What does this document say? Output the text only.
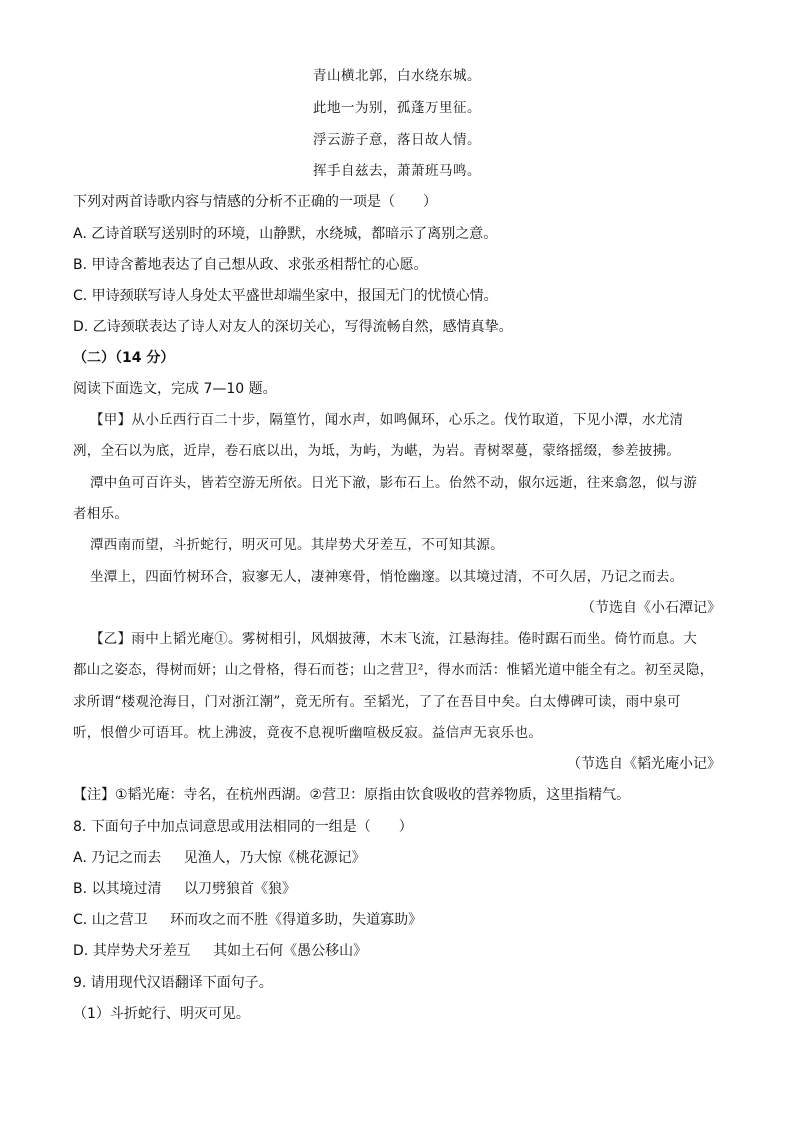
青山横北郭，白水绕东城。
此地一为别，孤蓬万里征。
浮云游子意，落日故人情。
挥手自兹去，萧萧班马鸣。
下列对两首诗歌内容与情感的分析不正确的一项是（　　）
A. 乙诗首联写送别时的环境，山静默，水绕城，都暗示了离别之意。
B. 甲诗含蓄地表达了自己想从政、求张丞相帮忙的心愿。
C. 甲诗颈联写诗人身处太平盛世却端坐家中，报国无门的忧愤心情。
D. 乙诗颈联表达了诗人对友人的深切关心，写得流畅自然，感情真挚。
（二）（14 分）
阅读下面选文，完成 7—10 题。
【甲】从小丘西行百二十步，隔篁竹，闻水声，如鸣佩环，心乐之。伐竹取道，下见小潭，水尤清
冽，全石以为底，近岸，卷石底以出，为坻，为屿，为嵁，为岩。青树翠蔓，蒙络摇缀，参差披拂。
潭中鱼可百许头，皆若空游无所依。日光下澈，影布石上。佁然不动，俶尔远逝，往来翕忽，似与游
者相乐。
潭西南而望，斗折蛇行，明灭可见。其岸势犬牙差互，不可知其源。
坐潭上，四面竹树环合，寂寥无人，凄神寒骨，悄怆幽邃。以其境过清，不可久居，乃记之而去。
（节选自《小石潭记》
【乙】雨中上韬光庵①。雾树相引，风烟披薄，木末飞流，江悬海挂。倦时踞石而坐。倚竹而息。大
都山之姿态，得树而妍；山之骨格，得石而苍；山之营卫²，得水而活：惟韬光道中能全有之。初至灵隐，
求所谓“楼观沧海日，门对浙江潮”，竟无所有。至韬光，了了在吾目中矣。白太傅碑可读，雨中泉可
听，恨僧少可语耳。枕上沸波，竟夜不息视听幽喧极反寂。益信声无哀乐也。
（节选自《韬光庵小记》
【注】①韬光庵：寺名，在杭州西湖。②营卫：原指由饮食吸收的营养物质，这里指精气。
8. 下面句子中加点词意思或用法相同的一组是（　　）
A. 乃记之而去 见渔人，乃大惊《桃花源记》
B. 以其境过清 以刀劈狼首《狼》
C. 山之营卫 环而攻之而不胜《得道多助，失道寡助》
D. 其岸势犬牙差互 其如土石何《愚公移山》
9. 请用现代汉语翻译下面句子。
（1）斗折蛇行、明灭可见。
